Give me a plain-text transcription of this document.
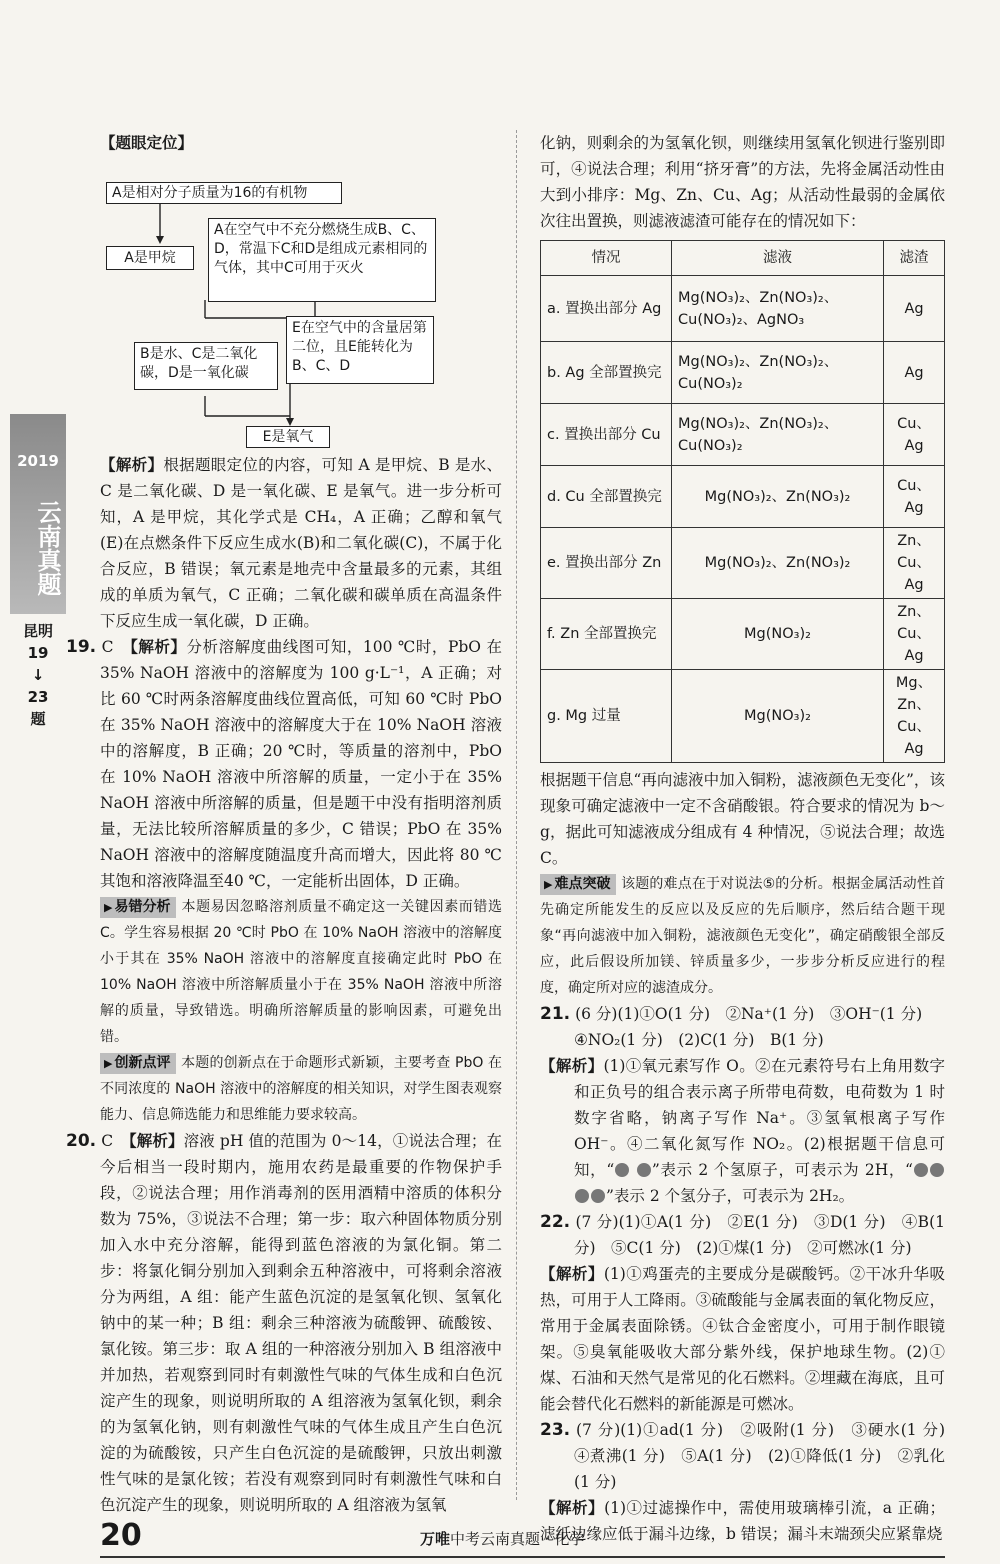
2019
云南真题
昆明
19
↓
23
题
【题眼定位】
A是相对分子质量为16的有机物
A在空气中不充分燃烧生成B、C、D，常温下C和D是组成元素相同的气体，其中C可用于灭火
A是甲烷
E在空气中的含量居第二位，且E能转化为B、C、D
B是水、C是二氧化碳，D是一氧化碳
E是氧气

【解析】根据题眼定位的内容，可知 A 是甲烷、B 是水、C 是二氧化碳、D 是一氧化碳、E 是氧气。进一步分析可知，A 是甲烷，其化学式是 CH₄，A 正确；乙醇和氧气(E)在点燃条件下反应生成水(B)和二氧化碳(C)，不属于化合反应，B 错误；氧元素是地壳中含量最多的元素，其组成的单质为氧气，C 正确；二氧化碳和碳单质在高温条件下反应生成一氧化碳，D 正确。

19. C　 【解析】分析溶解度曲线图可知，100 ℃时，PbO 在 35% NaOH 溶液中的溶解度为 100 g·L⁻¹，A 正确；对比 60 ℃时两条溶解度曲线位置高低，可知 60 ℃时 PbO 在 35% NaOH 溶液中的溶解度大于在 10% NaOH 溶液中的溶解度，B 正确；20 ℃时，等质量的溶剂中，PbO 在 10% NaOH 溶液中所溶解的质量，一定小于在 35% NaOH 溶液中所溶解的质量，但是题干中没有指明溶剂质量，无法比较所溶解质量的多少，C 错误；PbO 在 35% NaOH 溶液中的溶解度随温度升高而增大，因此将 80 ℃其饱和溶液降温至40 ℃，一定能析出固体，D 正确。

▶ 易错分析 本题易因忽略溶剂质量不确定这一关键因素而错选 C。学生容易根据 20 ℃时 PbO 在 10% NaOH 溶液中的溶解度小于其在 35% NaOH 溶液中的溶解度直接确定此时 PbO 在 10% NaOH 溶液中所溶解质量小于在 35% NaOH 溶液中所溶解的质量，导致错选。明确所溶解质量的影响因素，可避免出错。

▶ 创新点评 本题的创新点在于命题形式新颖，主要考查 PbO 在不同浓度的 NaOH 溶液中的溶解度的相关知识，对学生图表观察能力、信息筛选能力和思维能力要求较高。

20. C　 【解析】溶液 pH 值的范围为 0～14，①说法合理；在今后相当一段时期内，施用农药是最重要的作物保护手段，②说法合理；用作消毒剂的医用酒精中溶质的体积分数为 75%，③说法不合理；第一步：取六种固体物质分别加入水中充分溶解，能得到蓝色溶液的为氯化铜。第二步：将氯化铜分别加入到剩余五种溶液中，可将剩余溶液分为两组，A 组：能产生蓝色沉淀的是氢氧化钡、氢氧化钠中的某一种；B 组：剩余三种溶液为硫酸钾、硫酸铵、氯化铵。第三步：取 A 组的一种溶液分别加入 B 组溶液中并加热，若观察到同时有刺激性气味的气体生成和白色沉淀产生的现象，则说明所取的 A 组溶液为氢氧化钡，剩余的为氢氧化钠，则有刺激性气味的气体生成且产生白色沉淀的为硫酸铵，只产生白色沉淀的是硫酸钾，只放出刺激性气味的是氯化铵；若没有观察到同时有刺激性气味和白色沉淀产生的现象，则说明所取的 A 组溶液为氢氧

化钠，则剩余的为氢氧化钡，则继续用氢氧化钡进行鉴别即可，④说法合理；利用“挤牙膏”的方法，先将金属活动性由大到小排序：Mg、Zn、Cu、Ag；从活动性最弱的金属依次往出置换，则滤液滤渣可能存在的情况如下：

情况	滤液	滤渣
a. 置换出部分 Ag	Mg(NO₃)₂、Zn(NO₃)₂、Cu(NO₃)₂、AgNO₃	Ag
b. Ag 全部置换完	Mg(NO₃)₂、Zn(NO₃)₂、Cu(NO₃)₂	Ag
c. 置换出部分 Cu	Mg(NO₃)₂、Zn(NO₃)₂、Cu(NO₃)₂	Cu、Ag
d. Cu 全部置换完	Mg(NO₃)₂、Zn(NO₃)₂	Cu、Ag
e. 置换出部分 Zn	Mg(NO₃)₂、Zn(NO₃)₂	Zn、Cu、Ag
f. Zn 全部置换完	Mg(NO₃)₂	Zn、Cu、Ag
g. Mg 过量	Mg(NO₃)₂	Mg、Zn、Cu、Ag

根据题干信息“再向滤液中加入铜粉，滤液颜色无变化”，该现象可确定滤液中一定不含硝酸银。符合要求的情况为 b～g，据此可知滤液成分组成有 4 种情况，⑤说法合理；故选 C。

▶ 难点突破 该题的难点在于对说法⑤的分析。根据金属活动性首先确定所能发生的反应以及反应的先后顺序，然后结合题干现象“再向滤液中加入铜粉，滤液颜色无变化”，确定硝酸银全部反应，此后假设所加镁、锌质量多少，一步步分析反应进行的程度，确定所对应的滤渣成分。

21. (6 分)(1)①O(1 分)　②Na⁺(1 分)　③OH⁻(1 分)

④NO₂(1 分)　(2)C(1 分)　B(1 分)

【解析】(1)①氧元素写作 O。②在元素符号右上角用数字和正负号的组合表示离子所带电荷数，电荷数为 1 时数字省略，钠离子写作 Na⁺。③氢氧根离子写作 OH⁻。④二氧化氮写作 NO₂。(2)根据题干信息可知，“ ”表示 2 个氢原子，可表示为 2H，“ ”表示 2 个氢分子，可表示为 2H₂。

22. (7 分)(1)①A(1 分)　②E(1 分)　③D(1 分)　④B(1 分)　⑤C(1 分)　(2)①煤(1 分)　②可燃冰(1 分)

【解析】(1)①鸡蛋壳的主要成分是碳酸钙。②干冰升华吸热，可用于人工降雨。③硫酸能与金属表面的氧化物反应，常用于金属表面除锈。④钛合金密度小，可用于制作眼镜架。⑤臭氧能吸收大部分紫外线，保护地球生物。(2)①煤、石油和天然气是常见的化石燃料。②埋藏在海底，且可能会替代化石燃料的新能源是可燃冰。

23. (7 分)(1)①ad(1 分)　②吸附(1 分)　③硬水(1 分)　④煮沸(1 分)　⑤A(1 分)　(2)①降低(1 分)　②乳化(1 分)

【解析】(1)①过滤操作中，需使用玻璃棒引流，a 正确；滤纸边缘应低于漏斗边缘，b 错误；漏斗末端颈尖应紧靠烧

20	万唯中考云南真题 · 化学
